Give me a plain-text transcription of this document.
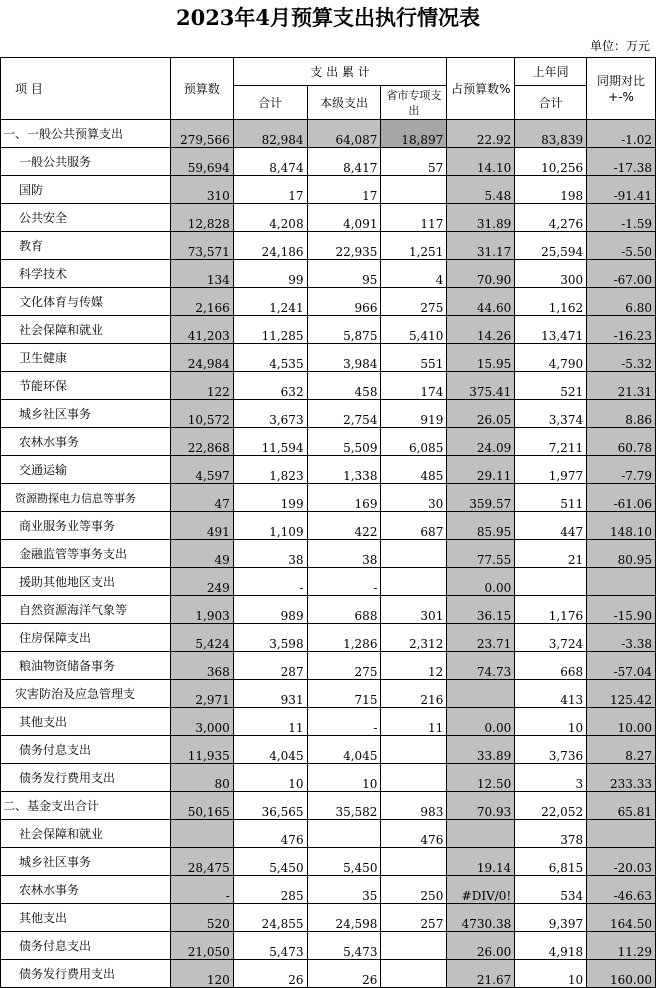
2023年4月预算支出执行情况表
单位：万元
项 目	预算数	支 出 累 计			占预算数%	上年同	同期对比+-%
		合计	本级支出	省市专项支出		合计	
一、一般公共预算支出	279,566	82,984	64,087	18,897	22.92	83,839	-1.02
一般公共服务	59,694	8,474	8,417	57	14.10	10,256	-17.38
国防	310	17	17		5.48	198	-91.41
公共安全	12,828	4,208	4,091	117	31.89	4,276	-1.59
教育	73,571	24,186	22,935	1,251	31.17	25,594	-5.50
科学技术	134	99	95	4	70.90	300	-67.00
文化体育与传媒	2,166	1,241	966	275	44.60	1,162	6.80
社会保障和就业	41,203	11,285	5,875	5,410	14.26	13,471	-16.23
卫生健康	24,984	4,535	3,984	551	15.95	4,790	-5.32
节能环保	122	632	458	174	375.41	521	21.31
城乡社区事务	10,572	3,673	2,754	919	26.05	3,374	8.86
农林水事务	22,868	11,594	5,509	6,085	24.09	7,211	60.78
交通运输	4,597	1,823	1,338	485	29.11	1,977	-7.79
资源勘探电力信息等事务	47	199	169	30	359.57	511	-61.06
商业服务业等事务	491	1,109	422	687	85.95	447	148.10
金融监管等事务支出	49	38	38		77.55	21	80.95
援助其他地区支出	249	-	-		0.00		
自然资源海洋气象等	1,903	989	688	301	36.15	1,176	-15.90
住房保障支出	5,424	3,598	1,286	2,312	23.71	3,724	-3.38
粮油物资储备事务	368	287	275	12	74.73	668	-57.04
灾害防治及应急管理支	2,971	931	715	216		413	125.42
其他支出	3,000	11	-	11	0.00	10	10.00
债务付息支出	11,935	4,045	4,045		33.89	3,736	8.27
债务发行费用支出	80	10	10		12.50	3	233.33
二、基金支出合计	50,165	36,565	35,582	983	70.93	22,052	65.81
社会保障和就业		476		476		378	
城乡社区事务	28,475	5,450	5,450		19.14	6,815	-20.03
农林水事务	-	285	35	250	#DIV/0!	534	-46.63
其他支出	520	24,855	24,598	257	4730.38	9,397	164.50
债务付息支出	21,050	5,473	5,473		26.00	4,918	11.29
债务发行费用支出	120	26	26		21.67	10	160.00
